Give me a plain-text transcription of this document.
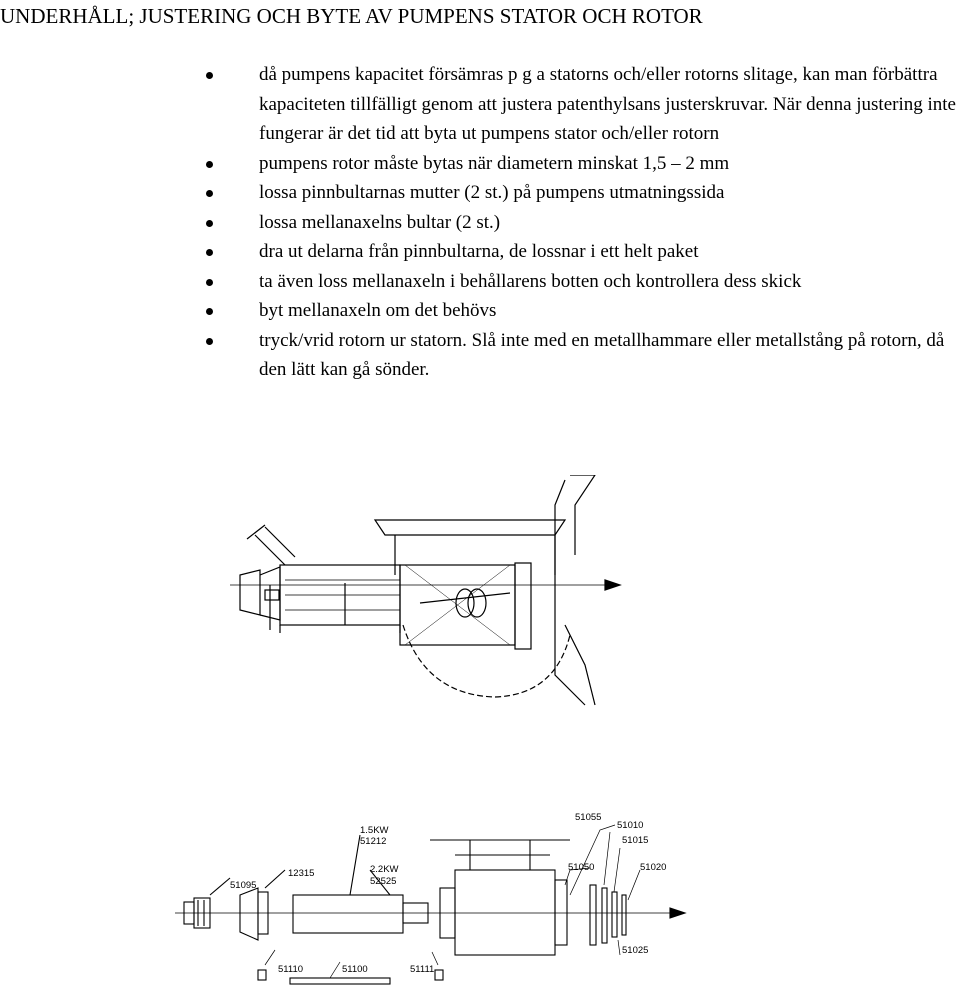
UNDERHÅLL; JUSTERING OCH BYTE AV PUMPENS STATOR OCH ROTOR
då pumpens kapacitet försämras p g a statorns och/eller rotorns slitage, kan man förbättra kapaciteten tillfälligt genom att justera patenthylsans justerskruvar. När denna justering inte fungerar är det tid att byta ut pumpens stator och/eller rotorn
pumpens rotor måste bytas när diametern minskat 1,5 – 2 mm
lossa pinnbultarnas mutter (2 st.) på pumpens utmatningssida
lossa mellanaxelns bultar (2 st.)
dra ut delarna från pinnbultarna, de lossnar i ett helt paket
ta även loss mellanaxeln i behållarens botten och kontrollera dess skick
byt mellanaxeln om det behövs
tryck/vrid rotorn ur statorn. Slå inte med en metallhammare eller metallstång på rotorn, då den lätt kan gå sönder.
1.5KW
51212
2.2KW
52525
51095
12315
51055
51010
51015
51050	51020
51025
51110	51100	51111
